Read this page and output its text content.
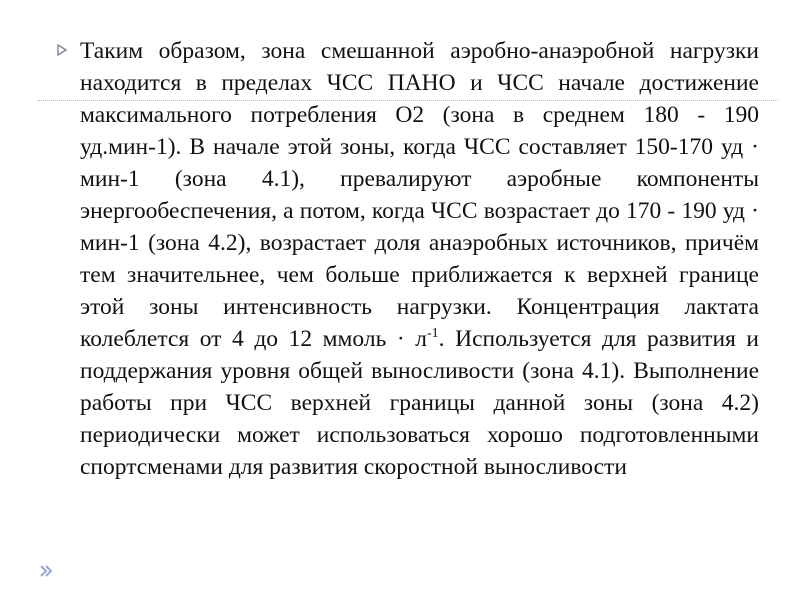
Таким образом, зона смешанной аэробно-анаэробной нагрузки находится в пределах ЧСС ПАНО и ЧСС начале достижение максимального потребления О2 (зона в среднем 180 - 190 уд.мин-1). В начале этой зоны, когда ЧСС составляет 150-170 уд · мин-1 (зона 4.1), превалируют аэробные компоненты энергообеспечения, а потом, когда ЧСС возрастает до 170 - 190 уд · мин-1 (зона 4.2), возрастает доля анаэробных источников, причём тем значительнее, чем больше приближается к верхней границе этой зоны интенсивность нагрузки. Концентрация лактата колеблется от 4 до 12 ммоль · $л^{-1}$. Используется для развития и поддержания уровня общей выносливости (зона 4.1). Выполнение работы при ЧСС верхней границы данной зоны (зона 4.2) периодически может использоваться хорошо подготовленными спортсменами для развития скоростной выносливости
